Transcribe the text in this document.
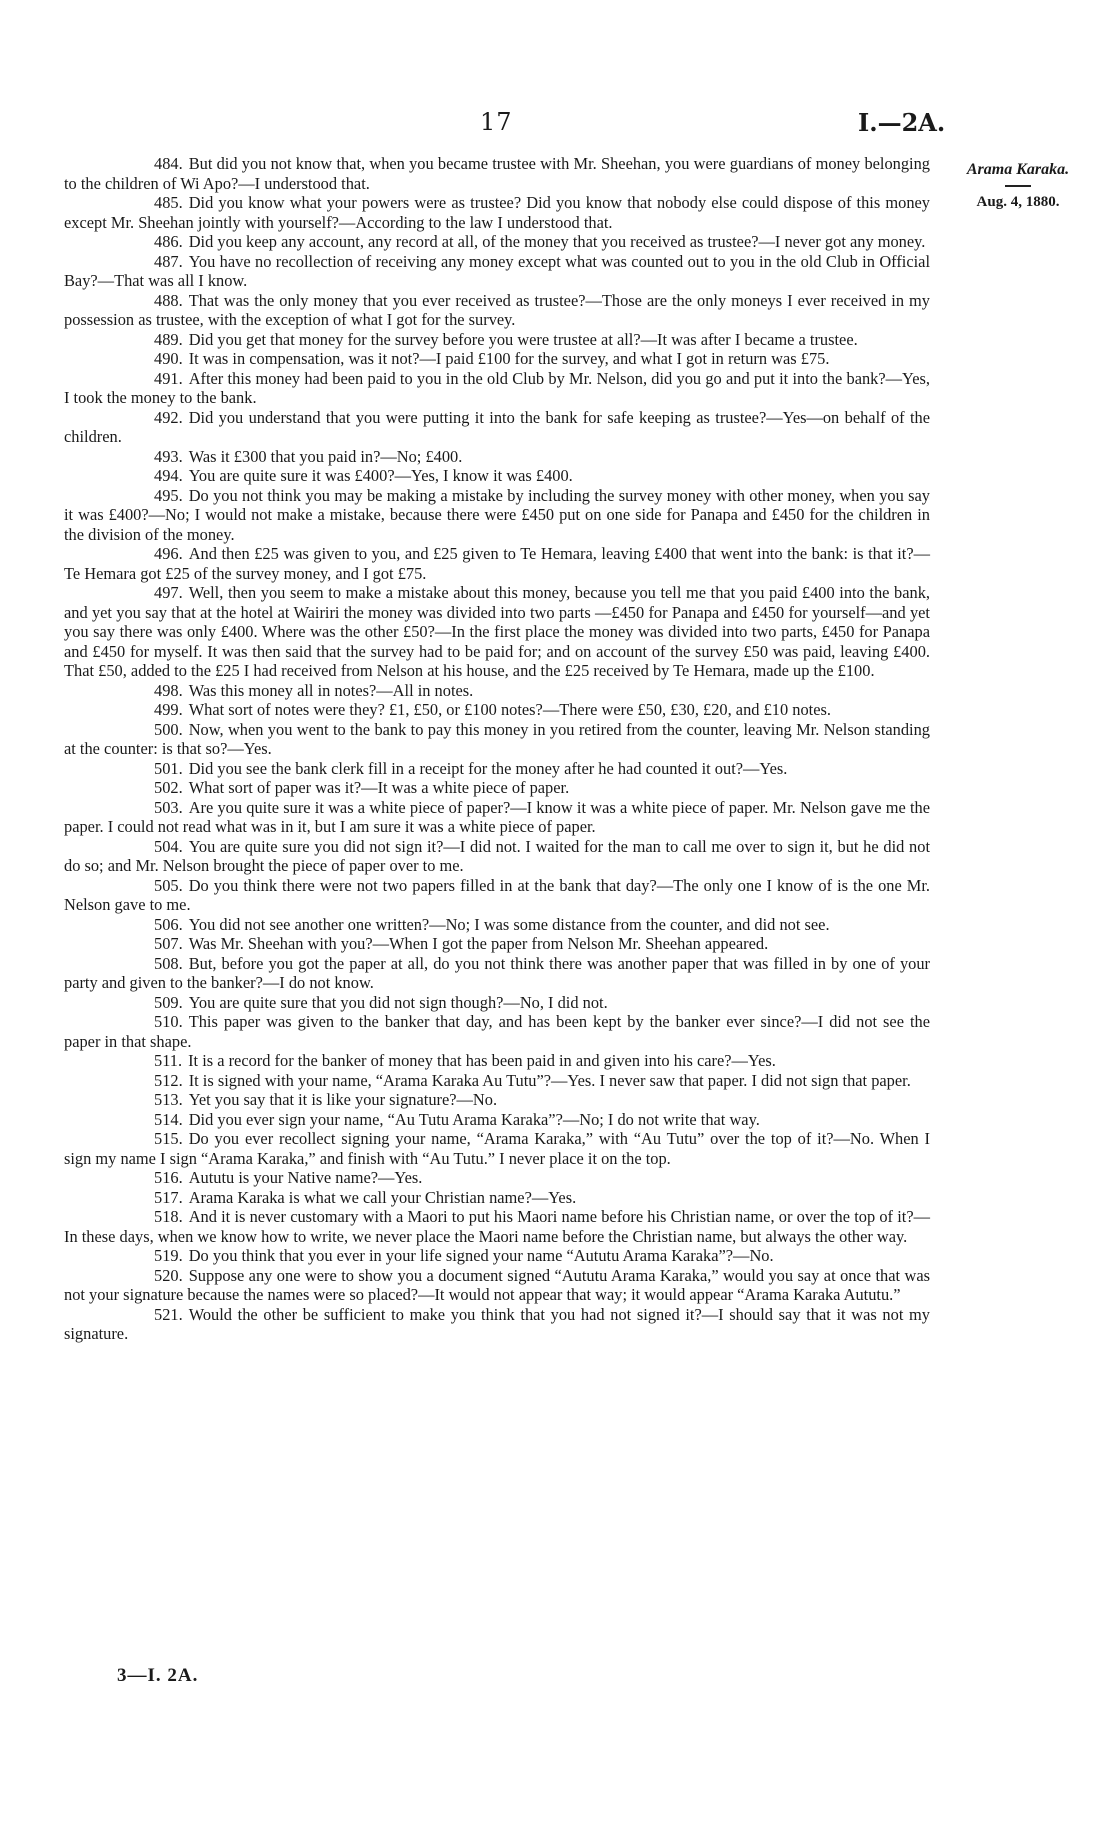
17	I.—2A.
Arama Karaka.
Aug. 4, 1880.

484. But did you not know that, when you became trustee with Mr. Sheehan, you were guardians of money belonging to the children of Wi Apo?—I understood that.

485. Did you know what your powers were as trustee? Did you know that nobody else could dispose of this money except Mr. Sheehan jointly with yourself?—According to the law I understood that.

486. Did you keep any account, any record at all, of the money that you received as trustee?—I never got any money.

487. You have no recollection of receiving any money except what was counted out to you in the old Club in Official Bay?—That was all I know.

488. That was the only money that you ever received as trustee?—Those are the only moneys I ever received in my possession as trustee, with the exception of what I got for the survey.

489. Did you get that money for the survey before you were trustee at all?—It was after I became a trustee.

490. It was in compensation, was it not?—I paid £100 for the survey, and what I got in return was £75.

491. After this money had been paid to you in the old Club by Mr. Nelson, did you go and put it into the bank?—Yes, I took the money to the bank.

492. Did you understand that you were putting it into the bank for safe keeping as trustee?—Yes—on behalf of the children.

493. Was it £300 that you paid in?—No; £400.

494. You are quite sure it was £400?—Yes, I know it was £400.

495. Do you not think you may be making a mistake by including the survey money with other money, when you say it was £400?—No; I would not make a mistake, because there were £450 put on one side for Panapa and £450 for the children in the division of the money.

496. And then £25 was given to you, and £25 given to Te Hemara, leaving £400 that went into the bank: is that it?—Te Hemara got £25 of the survey money, and I got £75.

497. Well, then you seem to make a mistake about this money, because you tell me that you paid £400 into the bank, and yet you say that at the hotel at Wairiri the money was divided into two parts —£450 for Panapa and £450 for yourself—and yet you say there was only £400. Where was the other £50?—In the first place the money was divided into two parts, £450 for Panapa and £450 for myself. It was then said that the survey had to be paid for; and on account of the survey £50 was paid, leaving £400. That £50, added to the £25 I had received from Nelson at his house, and the £25 received by Te Hemara, made up the £100.

498. Was this money all in notes?—All in notes.

499. What sort of notes were they? £1, £50, or £100 notes?—There were £50, £30, £20, and £10 notes.

500. Now, when you went to the bank to pay this money in you retired from the counter, leaving Mr. Nelson standing at the counter: is that so?—Yes.

501. Did you see the bank clerk fill in a receipt for the money after he had counted it out?—Yes.

502. What sort of paper was it?—It was a white piece of paper.

503. Are you quite sure it was a white piece of paper?—I know it was a white piece of paper. Mr. Nelson gave me the paper. I could not read what was in it, but I am sure it was a white piece of paper.

504. You are quite sure you did not sign it?—I did not. I waited for the man to call me over to sign it, but he did not do so; and Mr. Nelson brought the piece of paper over to me.

505. Do you think there were not two papers filled in at the bank that day?—The only one I know of is the one Mr. Nelson gave to me.

506. You did not see another one written?—No; I was some distance from the counter, and did not see.

507. Was Mr. Sheehan with you?—When I got the paper from Nelson Mr. Sheehan appeared.

508. But, before you got the paper at all, do you not think there was another paper that was filled in by one of your party and given to the banker?—I do not know.

509. You are quite sure that you did not sign though?—No, I did not.

510. This paper was given to the banker that day, and has been kept by the banker ever since?—I did not see the paper in that shape.

511. It is a record for the banker of money that has been paid in and given into his care?—Yes.

512. It is signed with your name, “Arama Karaka Au Tutu”?—Yes. I never saw that paper. I did not sign that paper.

513. Yet you say that it is like your signature?—No.

514. Did you ever sign your name, “Au Tutu Arama Karaka”?—No; I do not write that way.

515. Do you ever recollect signing your name, “Arama Karaka,” with “Au Tutu” over the top of it?—No. When I sign my name I sign “Arama Karaka,” and finish with “Au Tutu.” I never place it on the top.

516. Aututu is your Native name?—Yes.

517. Arama Karaka is what we call your Christian name?—Yes.

518. And it is never customary with a Maori to put his Maori name before his Christian name, or over the top of it?—In these days, when we know how to write, we never place the Maori name before the Christian name, but always the other way.

519. Do you think that you ever in your life signed your name “Aututu Arama Karaka”?—No.

520. Suppose any one were to show you a document signed “Aututu Arama Karaka,” would you say at once that was not your signature because the names were so placed?—It would not appear that way; it would appear “Arama Karaka Aututu.”

521. Would the other be sufficient to make you think that you had not signed it?—I should say that it was not my signature.

3—I. 2A.
